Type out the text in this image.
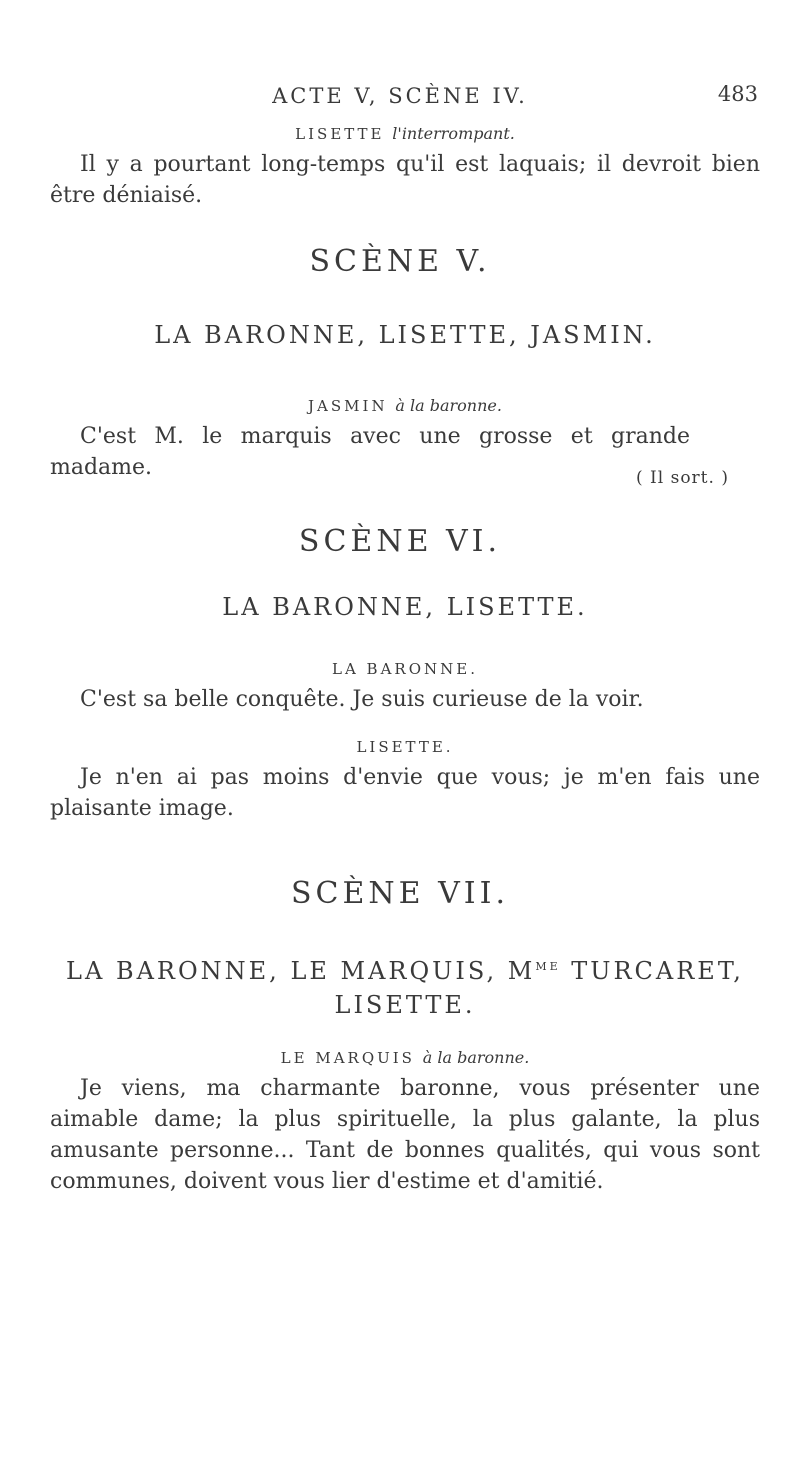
ACTE V, SCÈNE IV.	483
LISETTE l'interrompant.
Il y a pourtant long-temps qu'il est laquais; il devroit bien être déniaisé.
SCÈNE V.
LA BARONNE, LISETTE, JASMIN.
JASMIN à la baronne.
C'est M. le marquis avec une grosse et grande madame.	( Il sort. )
SCÈNE VI.
LA BARONNE, LISETTE.
LA BARONNE.
C'est sa belle conquête. Je suis curieuse de la voir.
LISETTE.
Je n'en ai pas moins d'envie que vous; je m'en fais une plaisante image.
SCÈNE VII.
LA BARONNE, LE MARQUIS, $M^{ME}$ TURCARET,
LISETTE.
LE MARQUIS à la baronne.
Je viens, ma charmante baronne, vous présenter une aimable dame; la plus spirituelle, la plus galante, la plus amusante personne... Tant de bonnes qualités, qui vous sont communes, doivent vous lier d'estime et d'amitié.
